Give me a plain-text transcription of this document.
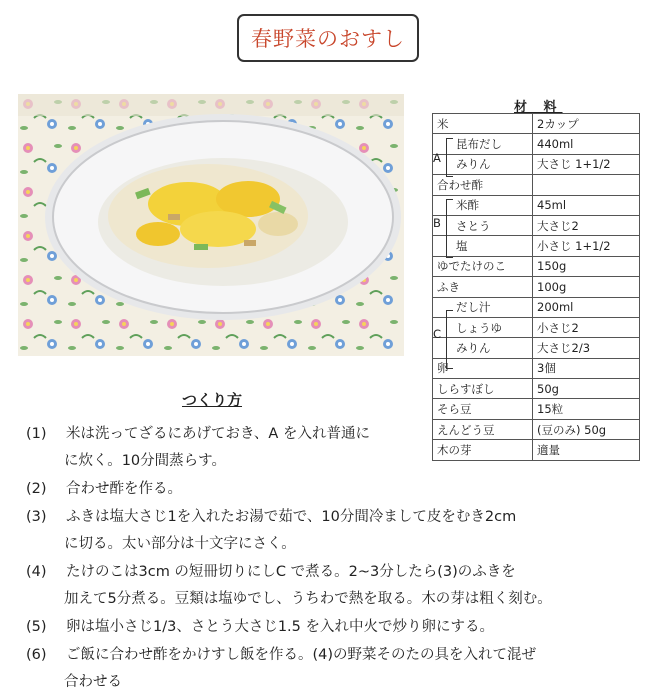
春野菜のおすし
材 料
米	2カップ
昆布だし	440ml
みりん	大さじ 1+1/2
合わせ酢	
米酢	45ml
さとう	大さじ2
塩	小さじ 1+1/2
ゆでたけのこ	150g
ふき	100g
だし汁	200ml
しょうゆ	小さじ2
みりん	大さじ2/3
卵	3個
しらすぼし	50g
そら豆	15粒
えんどう豆	(豆のみ) 50g
木の芽	適量
A
B
C
つくり方
(1) 米は洗ってざるにあげておき、A を入れ普通に
に炊く。10分間蒸らす。
(2) 合わせ酢を作る。
(3) ふきは塩大さじ1を入れたお湯で茹で、10分間冷まして皮をむき2cm
に切る。太い部分は十文字にさく。
(4) たけのこは3cm の短冊切りにしC で煮る。2~3分したら(3)のふきを
加えて5分煮る。豆類は塩ゆでし、うちわで熱を取る。木の芽は粗く刻む。
(5) 卵は塩小さじ1/3、さとう大さじ1.5 を入れ中火で炒り卵にする。
(6) ご飯に合わせ酢をかけすし飯を作る。(4)の野菜そのたの具を入れて混ぜ
合わせる
